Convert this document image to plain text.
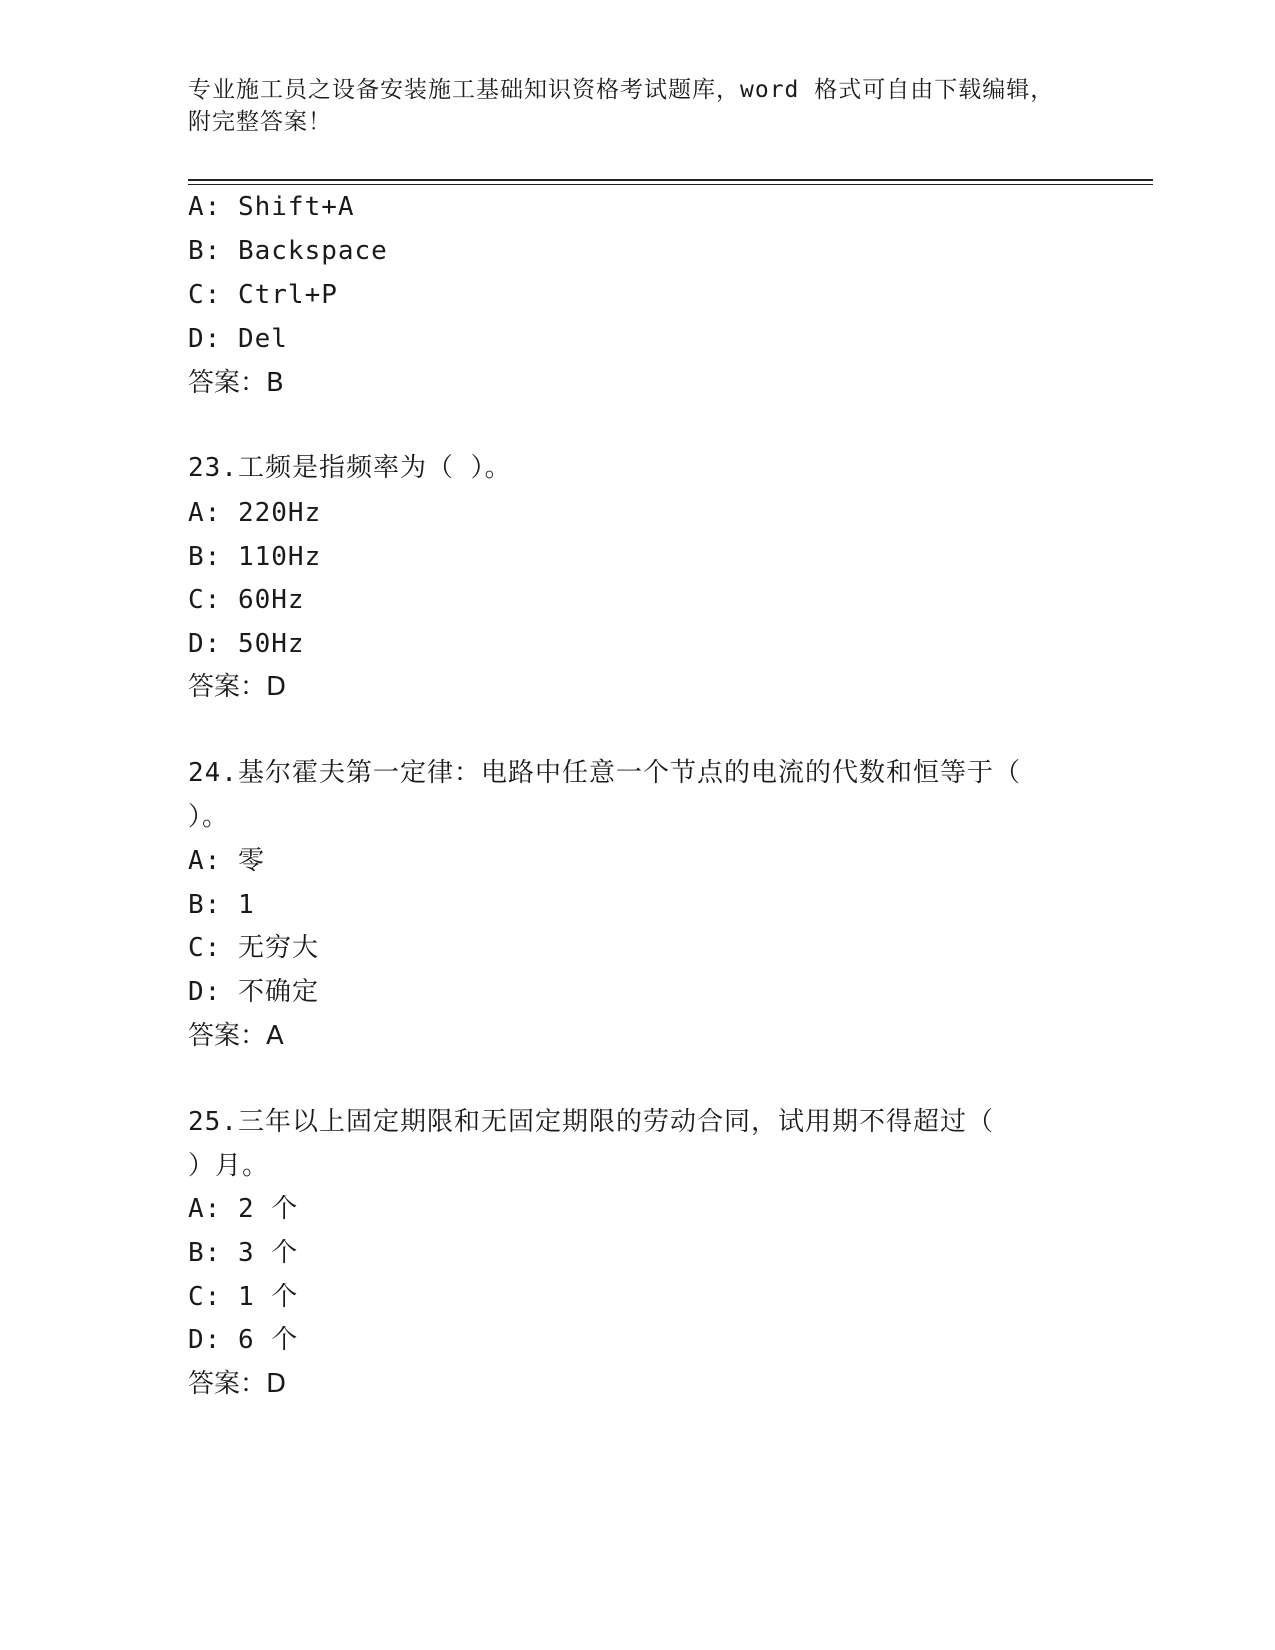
专业施工员之设备安装施工基础知识资格考试题库，word 格式可自由下载编辑，
附完整答案！
A: Shift+A
B: Backspace
C: Ctrl+P
D: Del
答案：B
23.工频是指频率为（ ）。
A: 220Hz
B: 110Hz
C: 60Hz
D: 50Hz
答案：D
24.基尔霍夫第一定律：电路中任意一个节点的电流的代数和恒等于（
）。
A: 零
B: 1
C: 无穷大
D: 不确定
答案：A
25.三年以上固定期限和无固定期限的劳动合同，试用期不得超过（
）月。
A: 2 个
B: 3 个
C: 1 个
D: 6 个
答案：D
